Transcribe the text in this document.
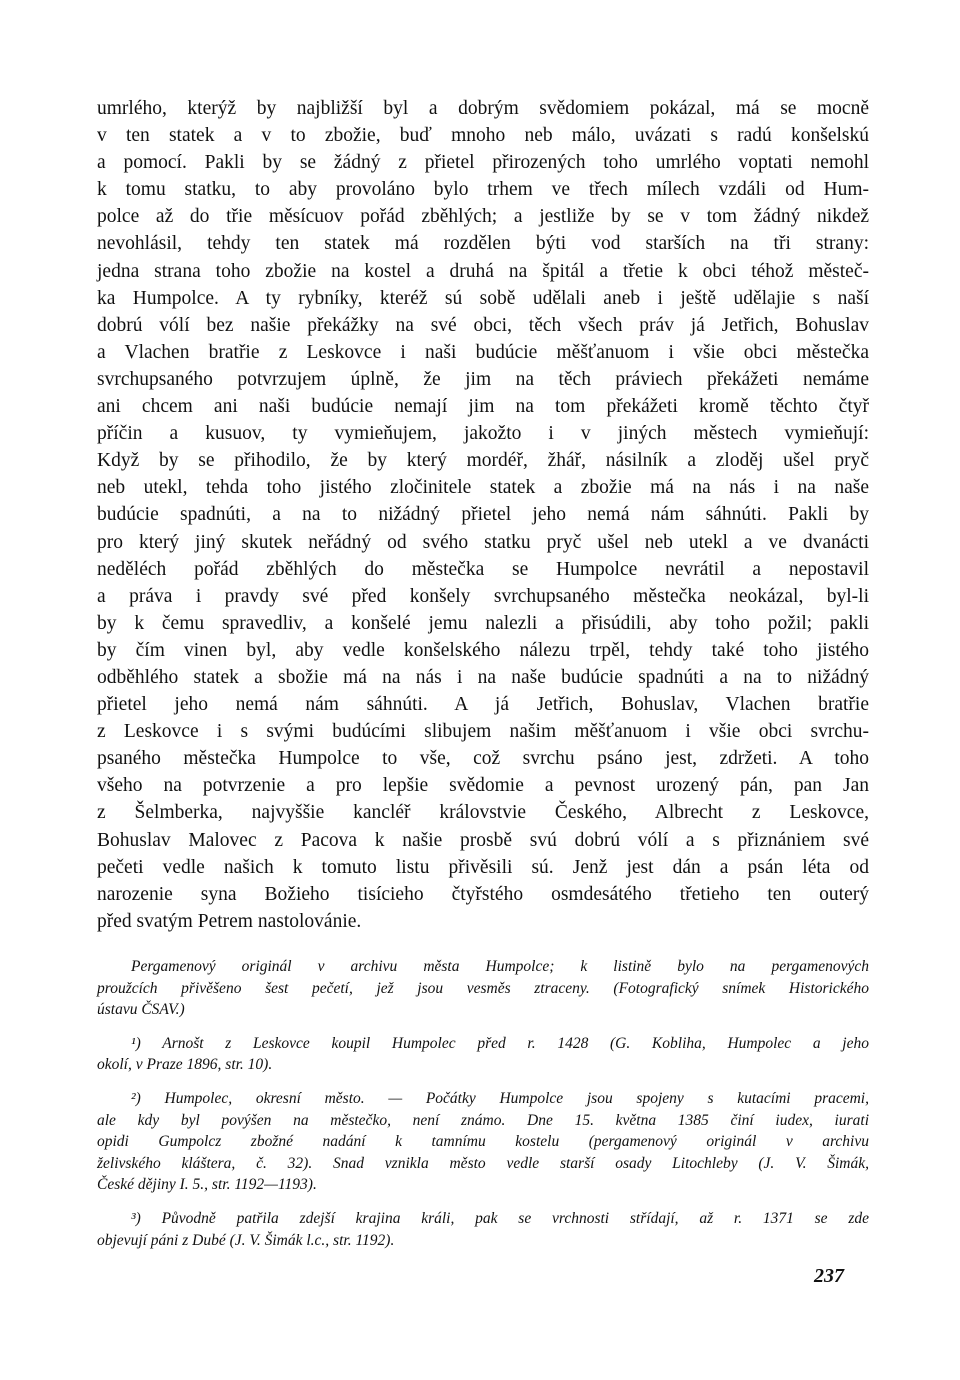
umrlého, kterýž by najbližší byl a dobrým svědomiem pokázal, má se mocně
v ten statek a v to zbožie, buď mnoho neb málo, uvázati s radú konšelskú
a pomocí. Pakli by se žádný z přietel přirozených toho umrlého voptati nemohl
k tomu statku, to aby provoláno bylo trhem ve třech mílech vzdáli od Hum-
polce až do třie měsícuov pořád zběhlých; a jestliže by se v tom žádný nikdež
nevohlásil, tehdy ten statek má rozdělen býti vod starších na tři strany:
jedna strana toho zbožie na kostel a druhá na špitál a třetie k obci téhož městeč-
ka Humpolce. A ty rybníky, kteréž sú sobě udělali aneb i ještě udělajie s naší
dobrú vólí bez našie překážky na své obci, těch všech práv já Jetřich, Bohuslav
a Vlachen bratřie z Leskovce i naši budúcie měšťanuom i všie obci městečka
svrchupsaného potvrzujem úplně, že jim na těch práviech překážeti nemáme
ani chcem ani naši budúcie nemají jim na tom překážeti kromě těchto čtyř
příčin a kusuov, ty vymieňujem, jakožto i v jiných městech vymieňují:
Když by se přihodilo, že by který mordéř, žhář, násilník a zloděj ušel pryč
neb utekl, tehda toho jistého zločinitele statek a zbožie má na nás i na naše
budúcie spadnúti, a na to nižádný přietel jeho nemá nám sáhnúti. Pakli by
pro který jiný skutek neřádný od svého statku pryč ušel neb utekl a ve dvanácti
neděléch pořád zběhlých do městečka se Humpolce nevrátil a nepostavil
a práva i pravdy své před konšely svrchupsaného městečka neokázal, byl-li
by k čemu spravedliv, a konšelé jemu nalezli a přisúdili, aby toho požil; pakli
by čím vinen byl, aby vedle konšelského nálezu trpěl, tehdy také toho jistého
odběhlého statek a sbožie má na nás i na naše budúcie spadnúti a na to nižádný
přietel jeho nemá nám sáhnúti. A já Jetřich, Bohuslav, Vlachen bratřie
z Leskovce i s svými budúcími slibujem našim měšťanuom i všie obci svrchu-
psaného městečka Humpolce to vše, což svrchu psáno jest, zdržeti. A toho
všeho na potvrzenie a pro lepšie svědomie a pevnost urozený pán, pan Jan
z Šelmberka, najvyššie kancléř královstvie Českého, Albrecht z Leskovce,
Bohuslav Malovec z Pacova k našie prosbě svú dobrú vólí a s přiznániem své
pečeti vedle našich k tomuto listu přivěsili sú. Jenž jest dán a psán léta od
narozenie syna Božieho tisícieho čtyřstého osmdesátého třetieho ten outerý
před svatým Petrem nastolovánie.
Pergamenový originál v archivu města Humpolce; k listině bylo na pergamenových
proužcích přivěšeno šest pečetí, jež jsou vesměs ztraceny. (Fotografický snímek Historického
ústavu ČSAV.)
¹) Arnošt z Leskovce koupil Humpolec před r. 1428 (G. Kobliha, Humpolec a jeho
okolí, v Praze 1896, str. 10).
²) Humpolec, okresní město. — Počátky Humpolce jsou spojeny s kutacími pracemi,
ale kdy byl povýšen na městečko, není známo. Dne 15. května 1385 činí iudex, iurati
opidi Gumpolcz zbožné nadání k tamnímu kostelu (pergamenový originál v archivu
želivského kláštera, č. 32). Snad vznikla město vedle starší osady Litochleby (J. V. Šimák,
České dějiny I. 5., str. 1192—1193).
³) Původně patřila zdejší krajina králi, pak se vrchnosti střídají, až r. 1371 se zde
objevují páni z Dubé (J. V. Šimák l.c., str. 1192).
237
